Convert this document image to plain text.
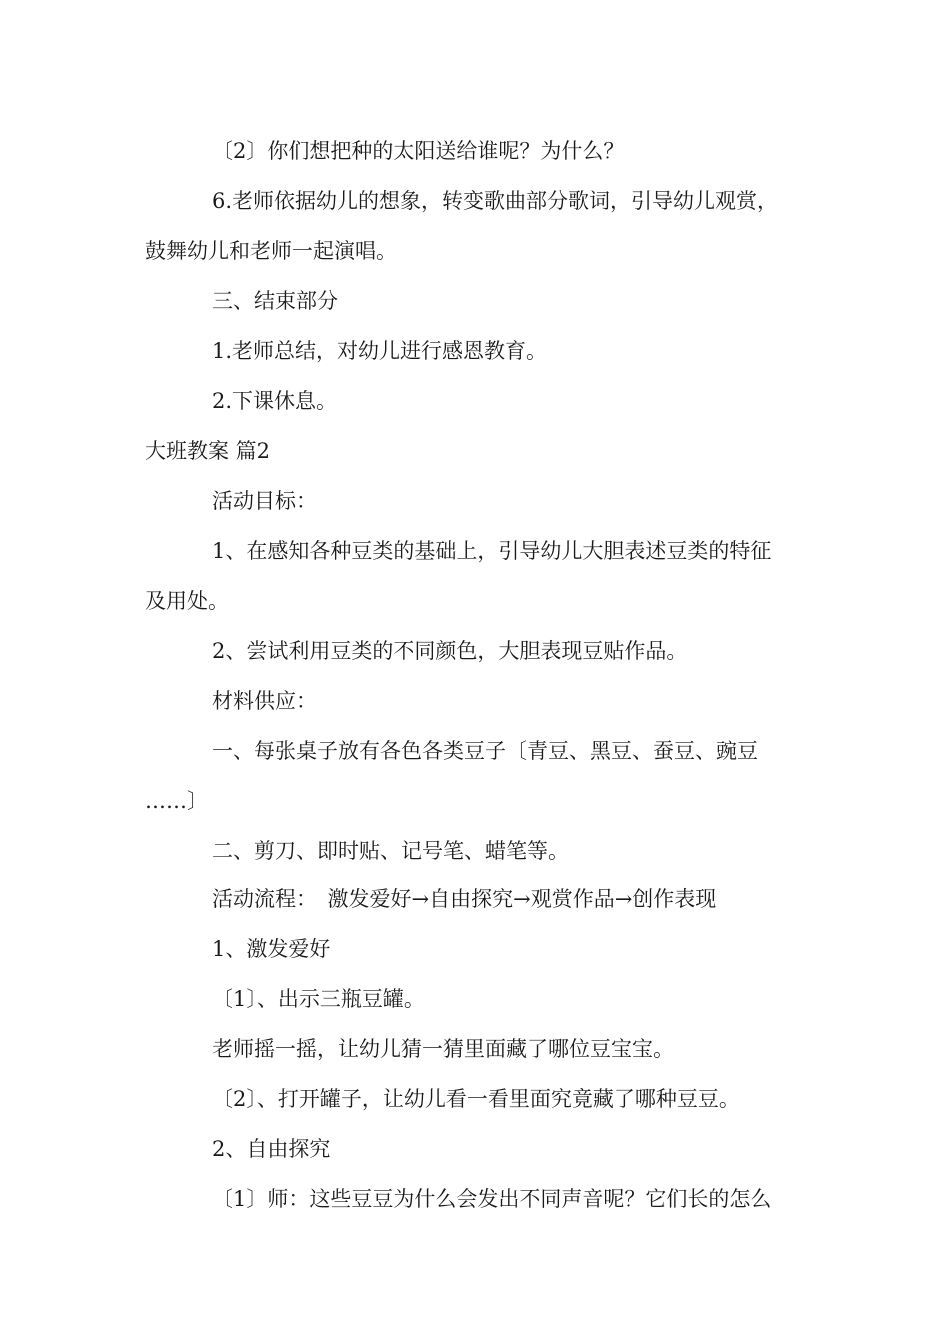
〔2〕你们想把种的太阳送给谁呢？为什么？
6.老师依据幼儿的想象，转变歌曲部分歌词，引导幼儿观赏，
鼓舞幼儿和老师一起演唱。
三、结束部分
1.老师总结，对幼儿进行感恩教育。
2.下课休息。
大班教案 篇2
活动目标：
1、在感知各种豆类的基础上，引导幼儿大胆表述豆类的特征
及用处。
2、尝试利用豆类的不同颜色，大胆表现豆贴作品。
材料供应：
一、每张桌子放有各色各类豆子〔青豆、黑豆、蚕豆、豌豆
……〕
二、剪刀、即时贴、记号笔、蜡笔等。
活动流程：　激发爱好→自由探究→观赏作品→创作表现
1、激发爱好
〔1〕、出示三瓶豆罐。
老师摇一摇，让幼儿猜一猜里面藏了哪位豆宝宝。
〔2〕、打开罐子，让幼儿看一看里面究竟藏了哪种豆豆。
2、自由探究
〔1〕师：这些豆豆为什么会发出不同声音呢？它们长的怎么
